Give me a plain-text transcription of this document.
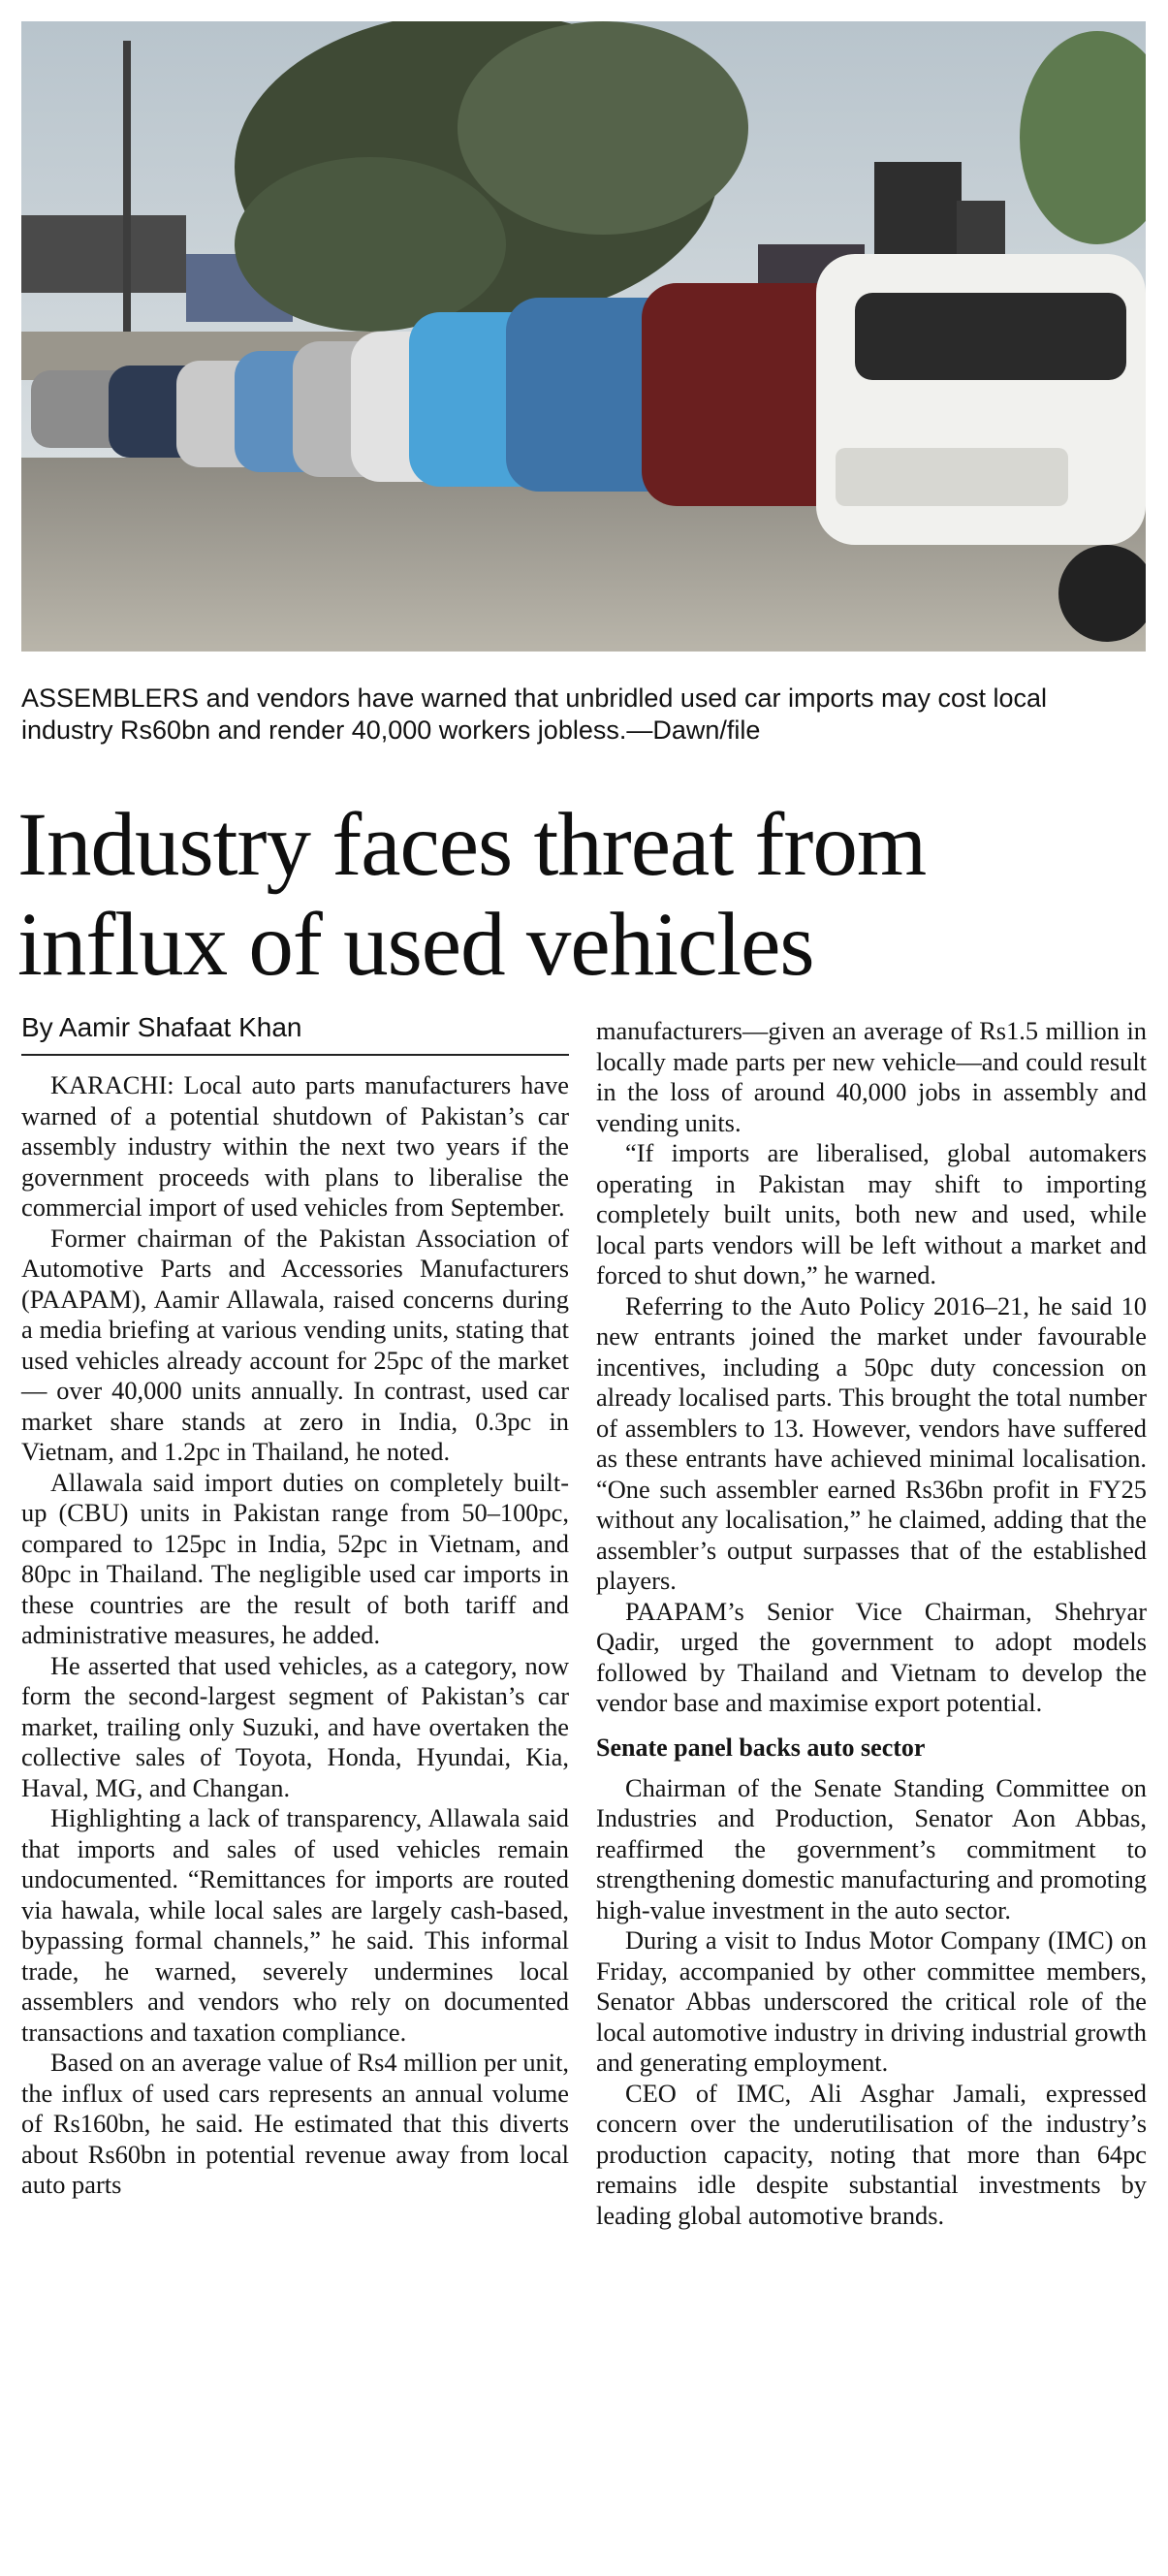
ASSEMBLERS and vendors have warned that unbridled used car imports may cost local industry Rs60bn and render 40,000 workers jobless.—Dawn/file
Industry faces threat from influx of used vehicles
By Aamir Shafaat Khan

KARACHI: Local auto parts manufacturers have warned of a potential shutdown of Pakistan’s car assembly industry within the next two years if the government proceeds with plans to liberalise the commercial import of used vehicles from September.

Former chairman of the Pakistan Association of Automotive Parts and Accessories Manufacturers (PAAPAM), Aamir Allawala, raised concerns during a media briefing at various vending units, stating that used vehicles already account for 25pc of the market — over 40,000 units annually. In contrast, used car market share stands at zero in India, 0.3pc in Vietnam, and 1.2pc in Thailand, he noted.

Allawala said import duties on completely built-up (CBU) units in Pakistan range from 50–100pc, compared to 125pc in India, 52pc in Vietnam, and 80pc in Thailand. The negligible used car imports in these countries are the result of both tariff and administrative measures, he added.

He asserted that used vehicles, as a category, now form the second-largest segment of Pakistan’s car market, trailing only Suzuki, and have overtaken the collective sales of Toyota, Honda, Hyundai, Kia, Haval, MG, and Changan.

Highlighting a lack of transparency, Allawala said that imports and sales of used vehicles remain undocumented. “Remittances for imports are routed via hawala, while local sales are largely cash-based, bypassing formal channels,” he said. This informal trade, he warned, severely undermines local assemblers and vendors who rely on documented transactions and taxation compliance.

Based on an average value of Rs4 million per unit, the influx of used cars represents an annual volume of Rs160bn, he said. He estimated that this diverts about Rs60bn in potential revenue away from local auto parts

manufacturers—given an average of Rs1.5 million in locally made parts per new vehicle—and could result in the loss of around 40,000 jobs in assembly and vending units.

“If imports are liberalised, global automakers operating in Pakistan may shift to importing completely built units, both new and used, while local parts vendors will be left without a market and forced to shut down,” he warned.

Referring to the Auto Policy 2016–21, he said 10 new entrants joined the market under favourable incentives, including a 50pc duty concession on already localised parts. This brought the total number of assemblers to 13. However, vendors have suffered as these entrants have achieved minimal localisation. “One such assembler earned Rs36bn profit in FY25 without any localisation,” he claimed, adding that the assembler’s output surpasses that of the established players.

PAAPAM’s Senior Vice Chairman, Shehryar Qadir, urged the government to adopt models followed by Thailand and Vietnam to develop the vendor base and maximise export potential.

Senate panel backs auto sector

Chairman of the Senate Standing Committee on Industries and Production, Senator Aon Abbas, reaffirmed the government’s commitment to strengthening domestic manufacturing and promoting high-value investment in the auto sector.

During a visit to Indus Motor Company (IMC) on Friday, accompanied by other committee members, Senator Abbas underscored the critical role of the local automotive industry in driving industrial growth and generating employment.

CEO of IMC, Ali Asghar Jamali, expressed concern over the underutilisation of the industry’s production capacity, noting that more than 64pc remains idle despite substantial investments by leading global automotive brands.
